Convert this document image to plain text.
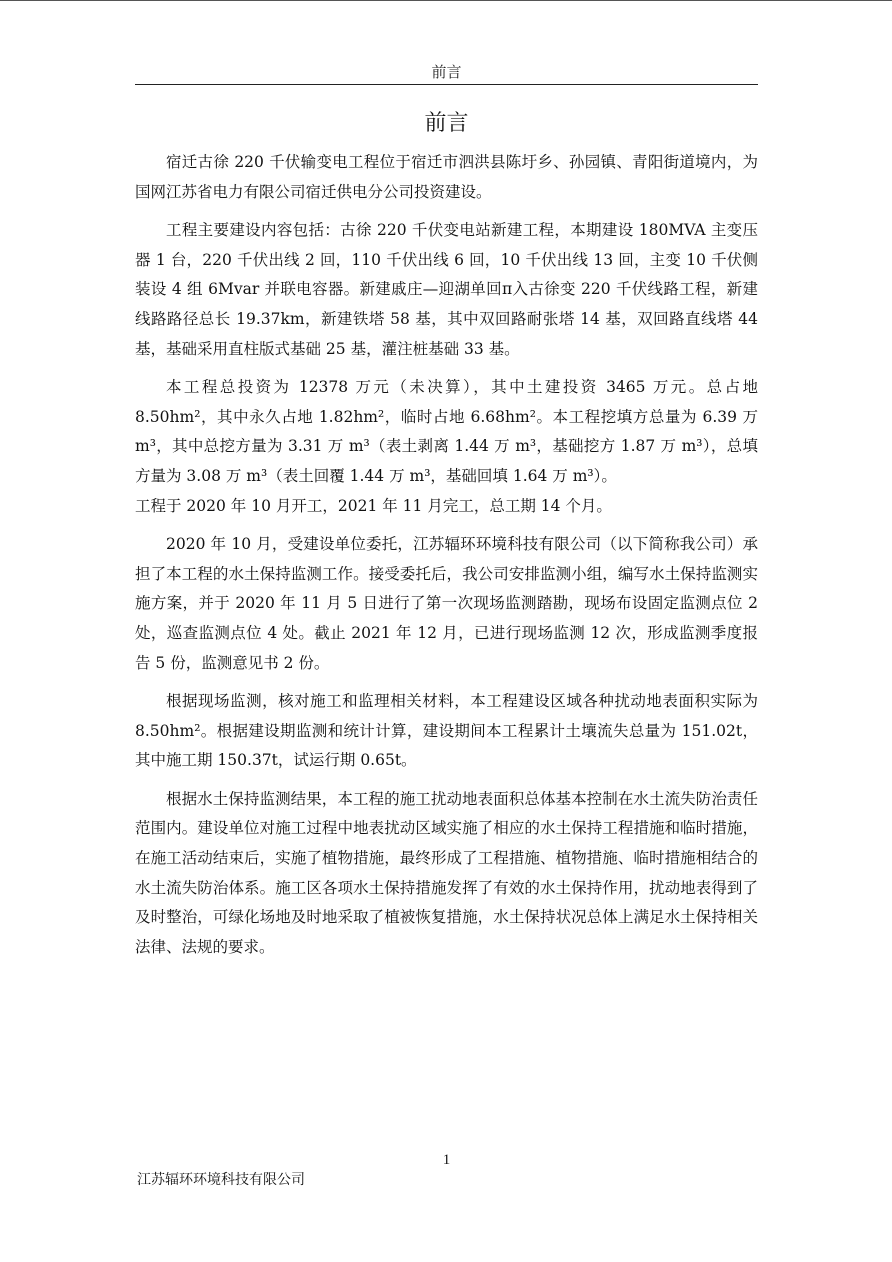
前言
前言

宿迁古徐 220 千伏输变电工程位于宿迁市泗洪县陈圩乡、孙园镇、青阳街道境内，为国网江苏省电力有限公司宿迁供电分公司投资建设。

工程主要建设内容包括：古徐 220 千伏变电站新建工程，本期建设 180MVA 主变压器 1 台，220 千伏出线 2 回，110 千伏出线 6 回，10 千伏出线 13 回，主变 10 千伏侧装设 4 组 6Mvar 并联电容器。新建戚庄—迎湖单回π入古徐变 220 千伏线路工程，新建线路路径总长 19.37km，新建铁塔 58 基，其中双回路耐张塔 14 基，双回路直线塔 44 基，基础采用直柱版式基础 25 基，灌注桩基础 33 基。

本工程总投资为 12378 万元（未决算），其中土建投资 3465 万元。总占地 8.50hm²，其中永久占地 1.82hm²，临时占地 6.68hm²。本工程挖填方总量为 6.39 万 m³，其中总挖方量为 3.31 万 m³（表土剥离 1.44 万 m³，基础挖方 1.87 万 m³），总填方量为 3.08 万 m³（表土回覆 1.44 万 m³，基础回填 1.64 万 m³）。

工程于 2020 年 10 月开工，2021 年 11 月完工，总工期 14 个月。

2020 年 10 月，受建设单位委托，江苏辐环环境科技有限公司（以下简称我公司）承担了本工程的水土保持监测工作。接受委托后，我公司安排监测小组，编写水土保持监测实施方案，并于 2020 年 11 月 5 日进行了第一次现场监测踏勘，现场布设固定监测点位 2 处，巡查监测点位 4 处。截止 2021 年 12 月，已进行现场监测 12 次，形成监测季度报告 5 份，监测意见书 2 份。

根据现场监测，核对施工和监理相关材料，本工程建设区域各种扰动地表面积实际为 8.50hm²。根据建设期监测和统计计算，建设期间本工程累计土壤流失总量为 151.02t，其中施工期 150.37t，试运行期 0.65t。

根据水土保持监测结果，本工程的施工扰动地表面积总体基本控制在水土流失防治责任范围内。建设单位对施工过程中地表扰动区域实施了相应的水土保持工程措施和临时措施，在施工活动结束后，实施了植物措施，最终形成了工程措施、植物措施、临时措施相结合的水土流失防治体系。施工区各项水土保持措施发挥了有效的水土保持作用，扰动地表得到了及时整治，可绿化场地及时地采取了植被恢复措施，水土保持状况总体上满足水土保持相关法律、法规的要求。

1
江苏辐环环境科技有限公司
